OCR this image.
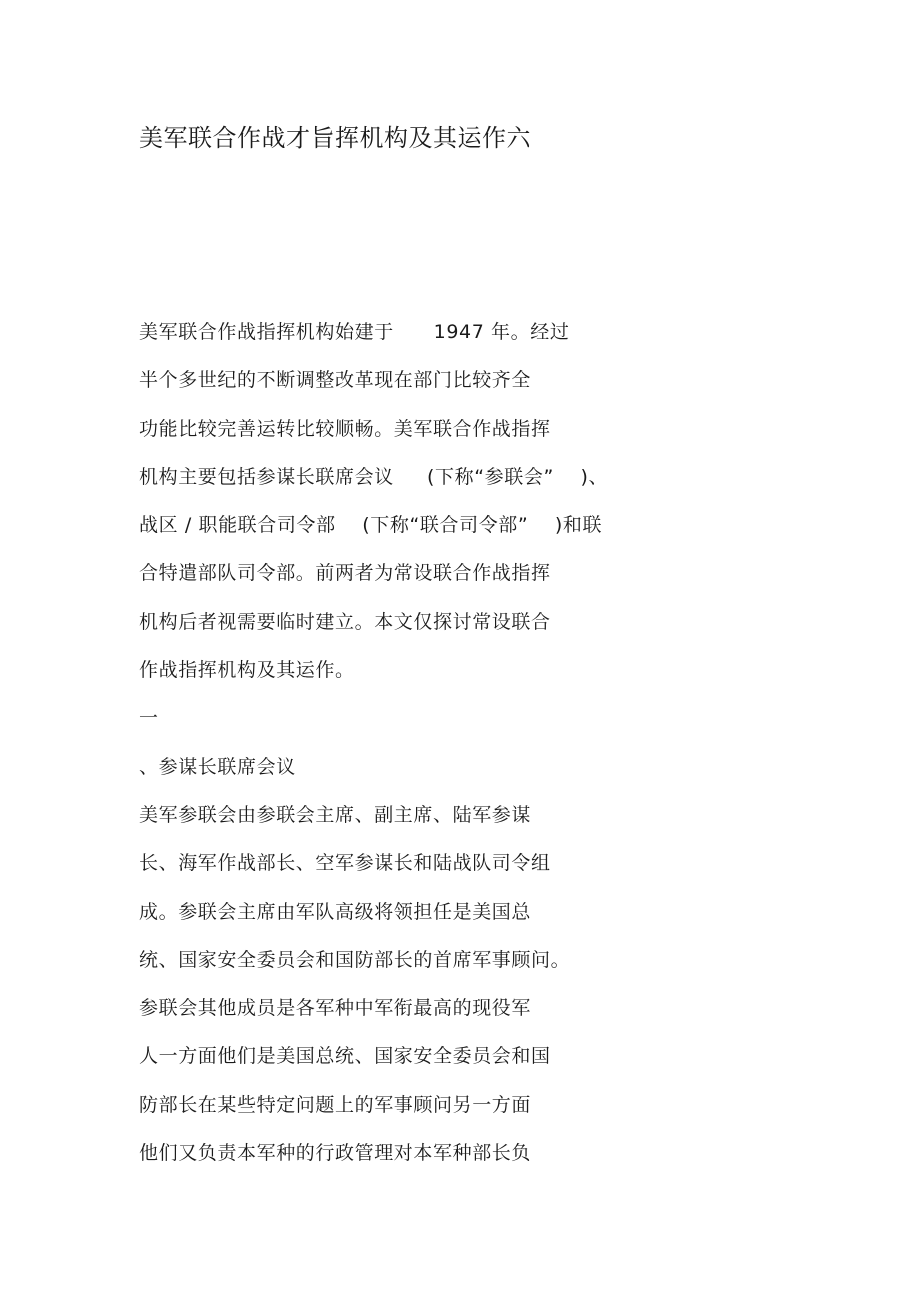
美军联合作战才旨挥机构及其运作六
美军联合作战指挥机构始建于      1947 年。经过
半个多世纪的不断调整改革现在部门比较齐全
功能比较完善运转比较顺畅。美军联合作战指挥
机构主要包括参谋长联席会议     (下称“参联会”    )、
战区 / 职能联合司令部    (下称“联合司令部”    )和联
合特遣部队司令部。前两者为常设联合作战指挥
机构后者视需要临时建立。本文仅探讨常设联合
作战指挥机构及其运作。
一
、参谋长联席会议
美军参联会由参联会主席、副主席、陆军参谋
长、海军作战部长、空军参谋长和陆战队司令组
成。参联会主席由军队高级将领担任是美国总
统、国家安全委员会和国防部长的首席军事顾问。
参联会其他成员是各军种中军衔最高的现役军
人一方面他们是美国总统、国家安全委员会和国
防部长在某些特定问题上的军事顾问另一方面
他们又负责本军种的行政管理对本军种部长负
